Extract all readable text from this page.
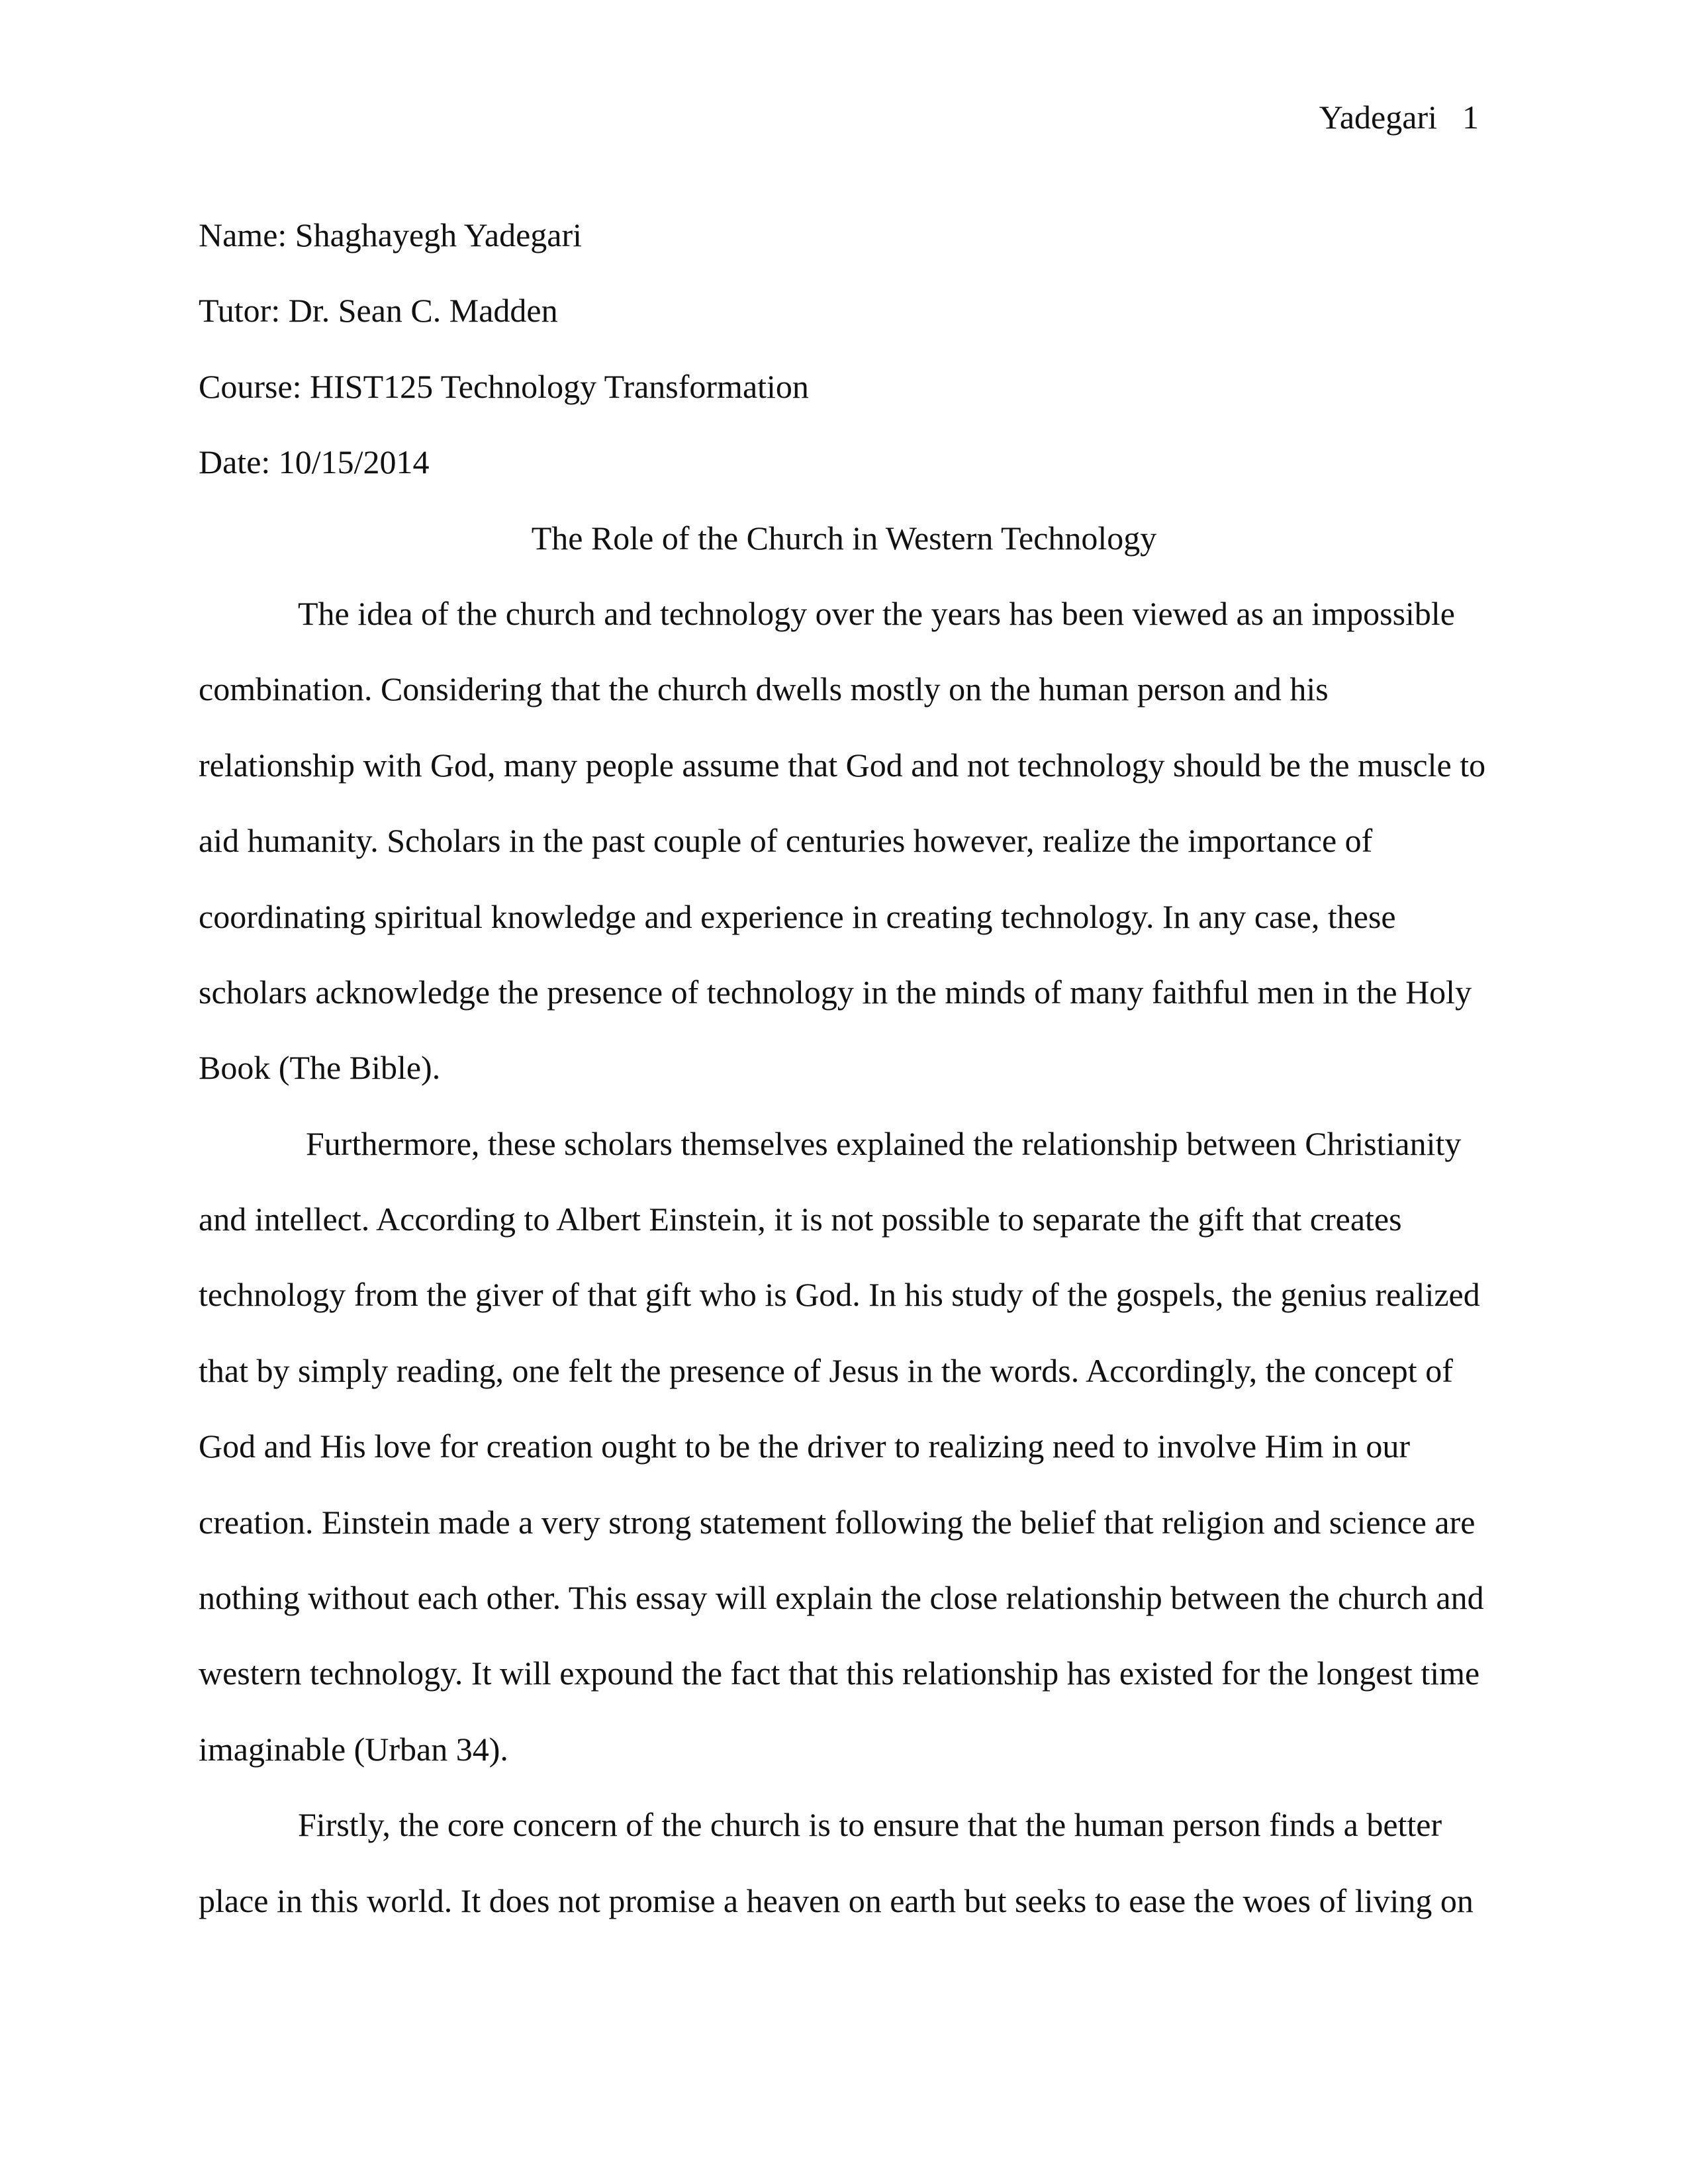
Yadegari 1
Name: Shaghayegh Yadegari
Tutor: Dr. Sean C. Madden
Course: HIST125 Technology Transformation
Date: 10/15/2014
The Role of the Church in Western Technology
The idea of the church and technology over the years has been viewed as an impossible
combination. Considering that the church dwells mostly on the human person and his
relationship with God, many people assume that God and not technology should be the muscle to
aid humanity. Scholars in the past couple of centuries however, realize the importance of
coordinating spiritual knowledge and experience in creating technology. In any case, these
scholars acknowledge the presence of technology in the minds of many faithful men in the Holy
Book (The Bible).
Furthermore, these scholars themselves explained the relationship between Christianity
and intellect. According to Albert Einstein, it is not possible to separate the gift that creates
technology from the giver of that gift who is God. In his study of the gospels, the genius realized
that by simply reading, one felt the presence of Jesus in the words. Accordingly, the concept of
God and His love for creation ought to be the driver to realizing need to involve Him in our
creation. Einstein made a very strong statement following the belief that religion and science are
nothing without each other. This essay will explain the close relationship between the church and
western technology. It will expound the fact that this relationship has existed for the longest time
imaginable (Urban 34).
Firstly, the core concern of the church is to ensure that the human person finds a better
place in this world. It does not promise a heaven on earth but seeks to ease the woes of living on
